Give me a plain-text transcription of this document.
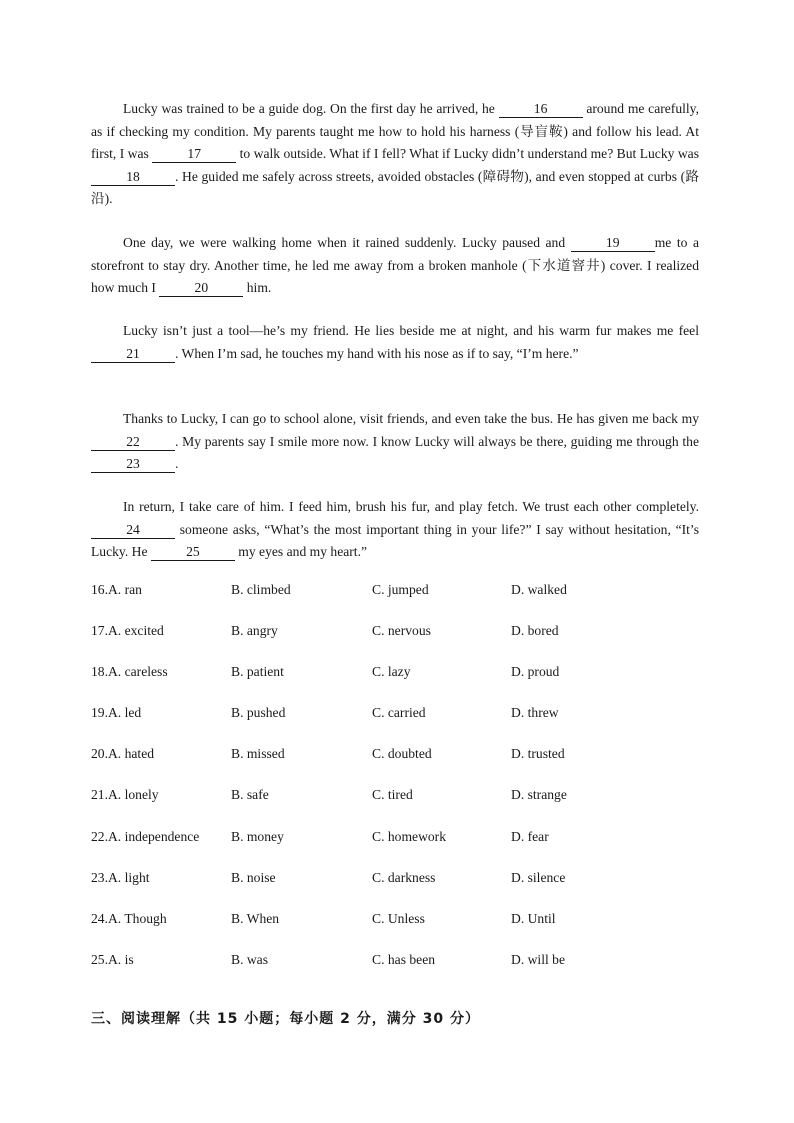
Lucky was trained to be a guide dog. On the first day he arrived, he	16	around me carefully, as if checking my condition. My parents taught me how to hold his harness (导盲鞍) and follow his lead. At first, I was	17	to walk outside. What if I fell? What if Lucky didn’t understand me? But Lucky was 18	. He guided me safely across streets, avoided obstacles (障碍物), and even stopped at curbs (路沿).

One day, we were walking home when it rained suddenly. Lucky paused and	19	me to a storefront to stay dry. Another time, he led me away from a broken manhole (下水道窨井) cover. I realized how much I	20	him.

Lucky isn’t just a tool—he’s my friend. He lies beside me at night, and his warm fur makes me feel 21	. When I’m sad, he touches my hand with his nose as if to say, “I’m here.”

Thanks to Lucky, I can go to school alone, visit friends, and even take the bus. He has given me back my 22	. My parents say I smile more now. I know Lucky will always be there, guiding me through the 23	.

In return, I take care of him. I feed him, brush his fur, and play fetch. We trust each other completely. 24	someone asks, “What’s the most important thing in your life?” I say without hesitation, “It’s Lucky. He	25	my eyes and my heart.”

16.A. ran	B. climbed	C. jumped	D. walked
17.A. excited	B. angry	C. nervous	D. bored
18.A. careless	B. patient	C. lazy	D. proud
19.A. led	B. pushed	C. carried	D. threw
20.A. hated	B. missed	C. doubted	D. trusted
21.A. lonely	B. safe	C. tired	D. strange
22.A. independence B. money	C. homework	D. fear
23.A. light	B. noise	C. darkness	D. silence
24.A. Though	B. When	C. Unless	D. Until
25.A. is	B. was	C. has been	D. will be
三、阅读理解（共 15 小题；每小题 2 分，满分 30 分）
